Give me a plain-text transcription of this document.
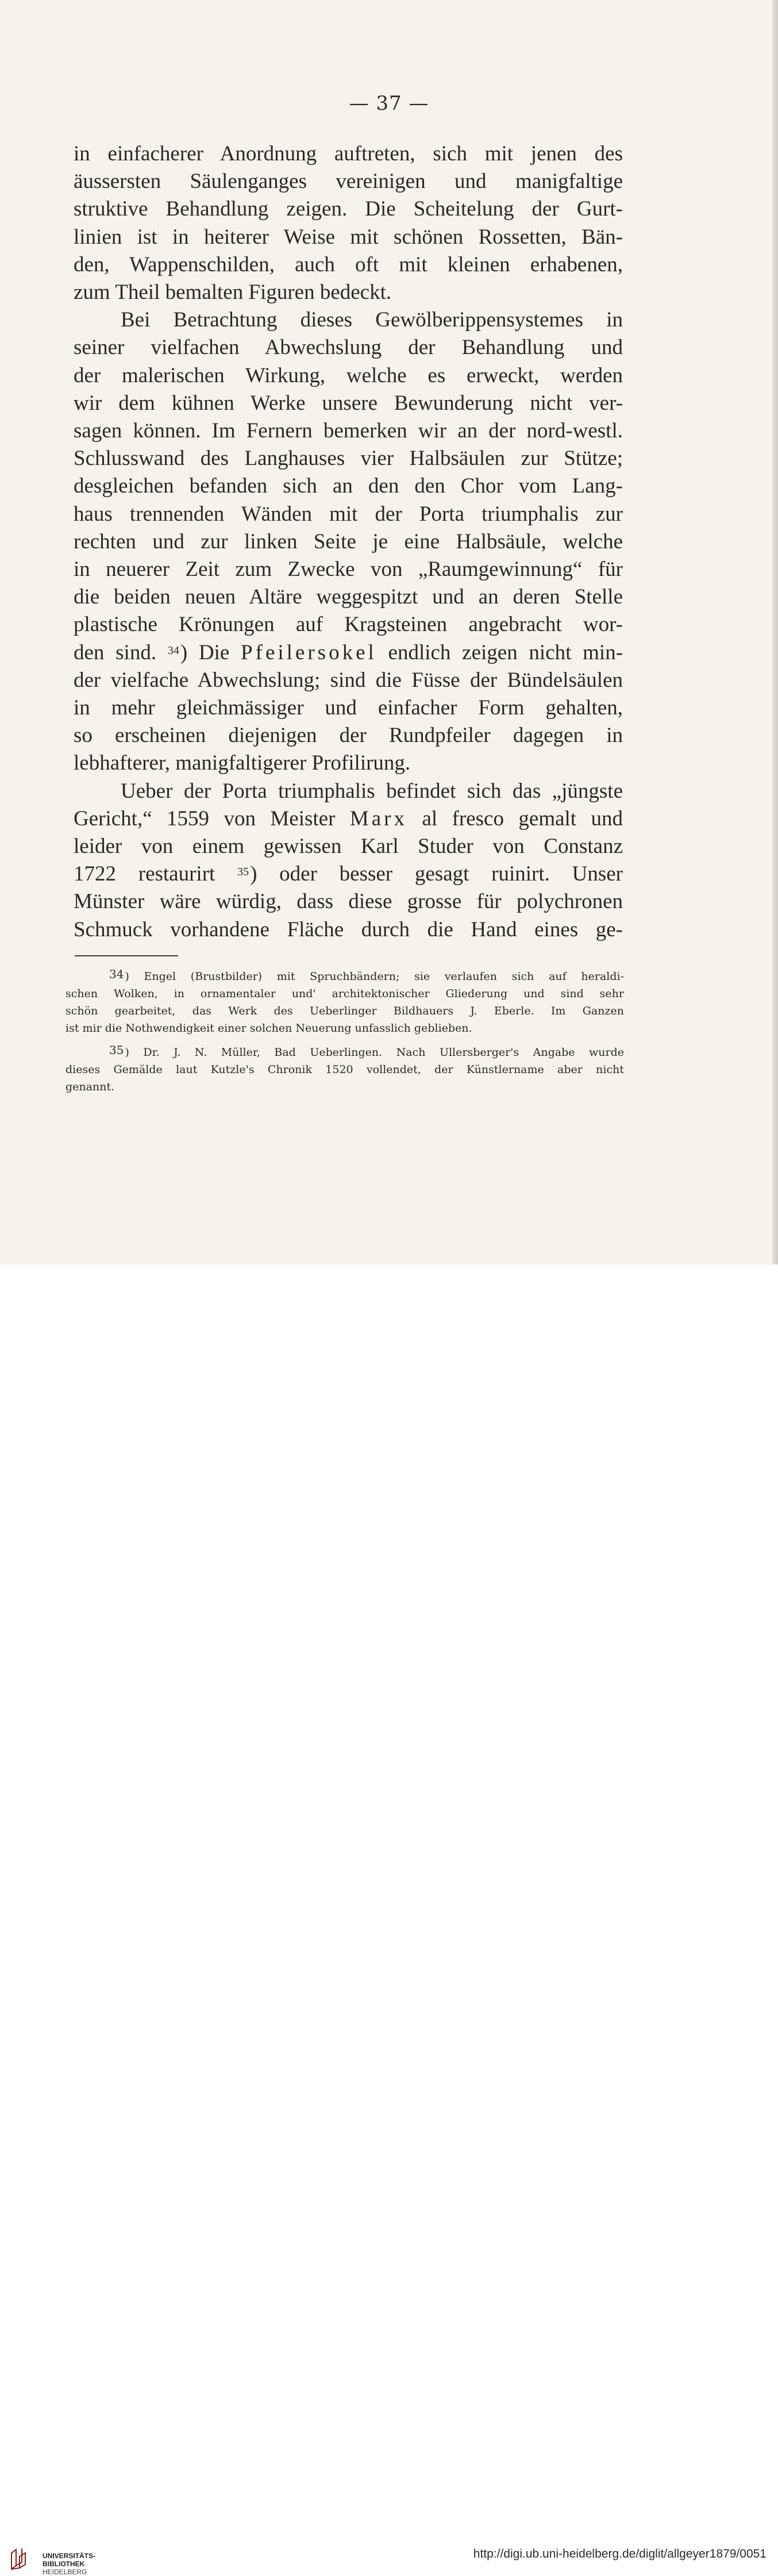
— 37 —
in einfacherer Anordnung auftreten, sich mit jenen des
äussersten Säulenganges vereinigen und manigfaltige
struktive Behandlung zeigen. Die Scheitelung der Gurt-
linien ist in heiterer Weise mit schönen Rossetten, Bän-
den, Wappenschilden, auch oft mit kleinen erhabenen,
zum Theil bemalten Figuren bedeckt.
Bei Betrachtung dieses Gewölberippensystemes in
seiner vielfachen Abwechslung der Behandlung und
der malerischen Wirkung, welche es erweckt, werden
wir dem kühnen Werke unsere Bewunderung nicht ver-
sagen können. Im Fernern bemerken wir an der nord-westl.
Schlusswand des Langhauses vier Halbsäulen zur Stütze;
desgleichen befanden sich an den den Chor vom Lang-
haus trennenden Wänden mit der Porta triumphalis zur
rechten und zur linken Seite je eine Halbsäule, welche
in neuerer Zeit zum Zwecke von „Raumgewinnung“ für
die beiden neuen Altäre weggespitzt und an deren Stelle
plastische Krönungen auf Kragsteinen angebracht wor-
den sind. $^{34}$) Die Pfeilersokel endlich zeigen nicht min-
der vielfache Abwechslung; sind die Füsse der Bündelsäulen
in mehr gleichmässiger und einfacher Form gehalten,
so erscheinen diejenigen der Rundpfeiler dagegen in
lebhafterer, manigfaltigerer Profilirung.
Ueber der Porta triumphalis befindet sich das „jüngste
Gericht,“ 1559 von Meister Marx al fresco gemalt und
leider von einem gewissen Karl Studer von Constanz
1722 restaurirt $^{35}$) oder besser gesagt ruinirt. Unser
Münster wäre würdig, dass diese grosse für polychronen
Schmuck vorhandene Fläche durch die Hand eines ge-
$^{34}$ ) Engel (Brustbilder) mit Spruchbändern; sie verlaufen sich auf heraldi-
schen Wolken, in ornamentaler und' architektonischer Gliederung und sind sehr
schön gearbeitet, das Werk des Ueberlinger Bildhauers J. Eberle. Im Ganzen
ist mir die Nothwendigkeit einer solchen Neuerung unfasslich geblieben.
$^{35}$ ) Dr. J. N. Müller, Bad Ueberlingen. Nach Ullersberger's Angabe wurde
dieses Gemälde laut Kutzle's Chronik 1520 vollendet, der Künstlername aber nicht
genannt.
UNIVERSITÄTS-
BIBLIOTHEK
HEIDELBERG
http://digi.ub.uni-heidelberg.de/diglit/allgeyer1879/0051
